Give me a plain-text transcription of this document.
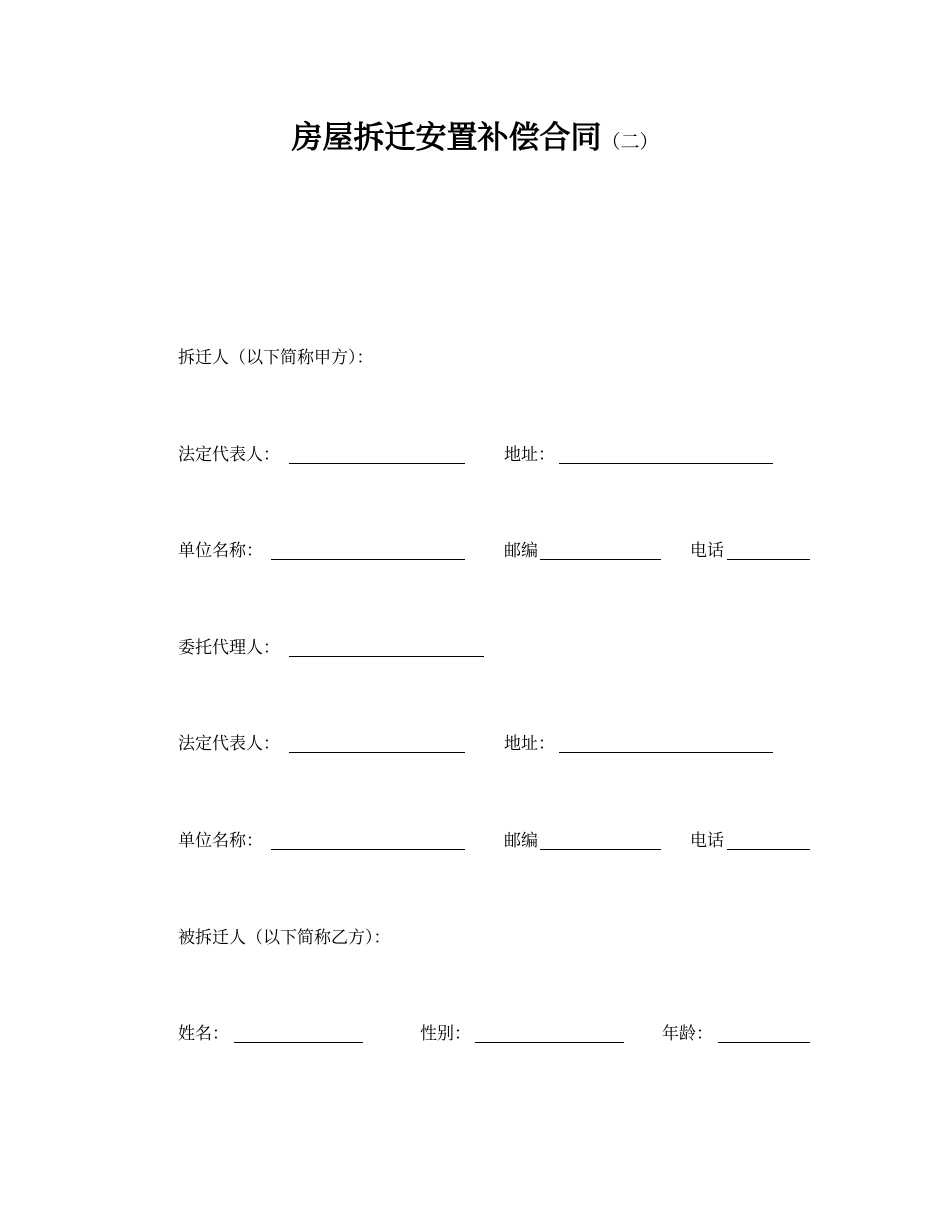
房屋拆迁安置补偿合同（二）
拆迁人（以下简称甲方）：
法定代表人：	地址：
单位名称：	邮编	电话
委托代理人：
法定代表人：	地址：
单位名称：	邮编	电话
被拆迁人（以下简称乙方）：
姓名：	性别：	年龄：
